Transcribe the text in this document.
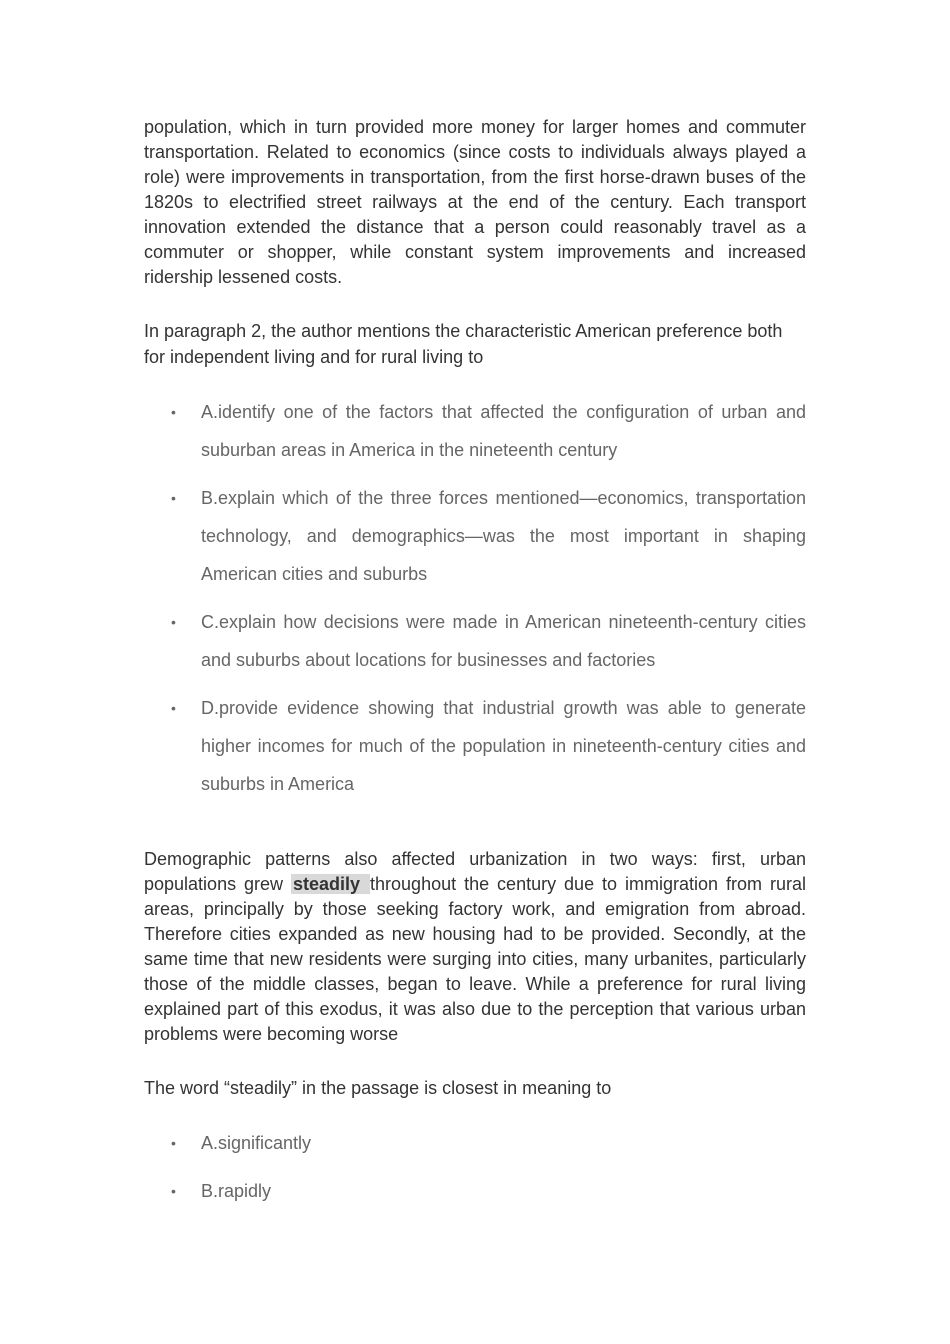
population, which in turn provided more money for larger homes and commuter transportation. Related to economics (since costs to individuals always played a role) were improvements in transportation, from the first horse-drawn buses of the 1820s to electrified street railways at the end of the century. Each transport innovation extended the distance that a person could reasonably travel as a commuter or shopper, while constant system improvements and increased ridership lessened costs.

In paragraph 2, the author mentions the characteristic American preference both for independent living and for rural living to

• A.identify one of the factors that affected the configuration of urban and suburban areas in America in the nineteenth century
• B.explain which of the three forces mentioned—economics, transportation technology, and demographics—was the most important in shaping American cities and suburbs
• C.explain how decisions were made in American nineteenth-century cities and suburbs about locations for businesses and factories
• D.provide evidence showing that industrial growth was able to generate higher incomes for much of the population in nineteenth-century cities and suburbs in America

Demographic patterns also affected urbanization in two ways: first, urban populations grew steadily throughout the century due to immigration from rural areas, principally by those seeking factory work, and emigration from abroad. Therefore cities expanded as new housing had to be provided. Secondly, at the same time that new residents were surging into cities, many urbanites, particularly those of the middle classes, began to leave. While a preference for rural living explained part of this exodus, it was also due to the perception that various urban problems were becoming worse

The word “steadily” in the passage is closest in meaning to

• A.significantly
• B.rapidly
